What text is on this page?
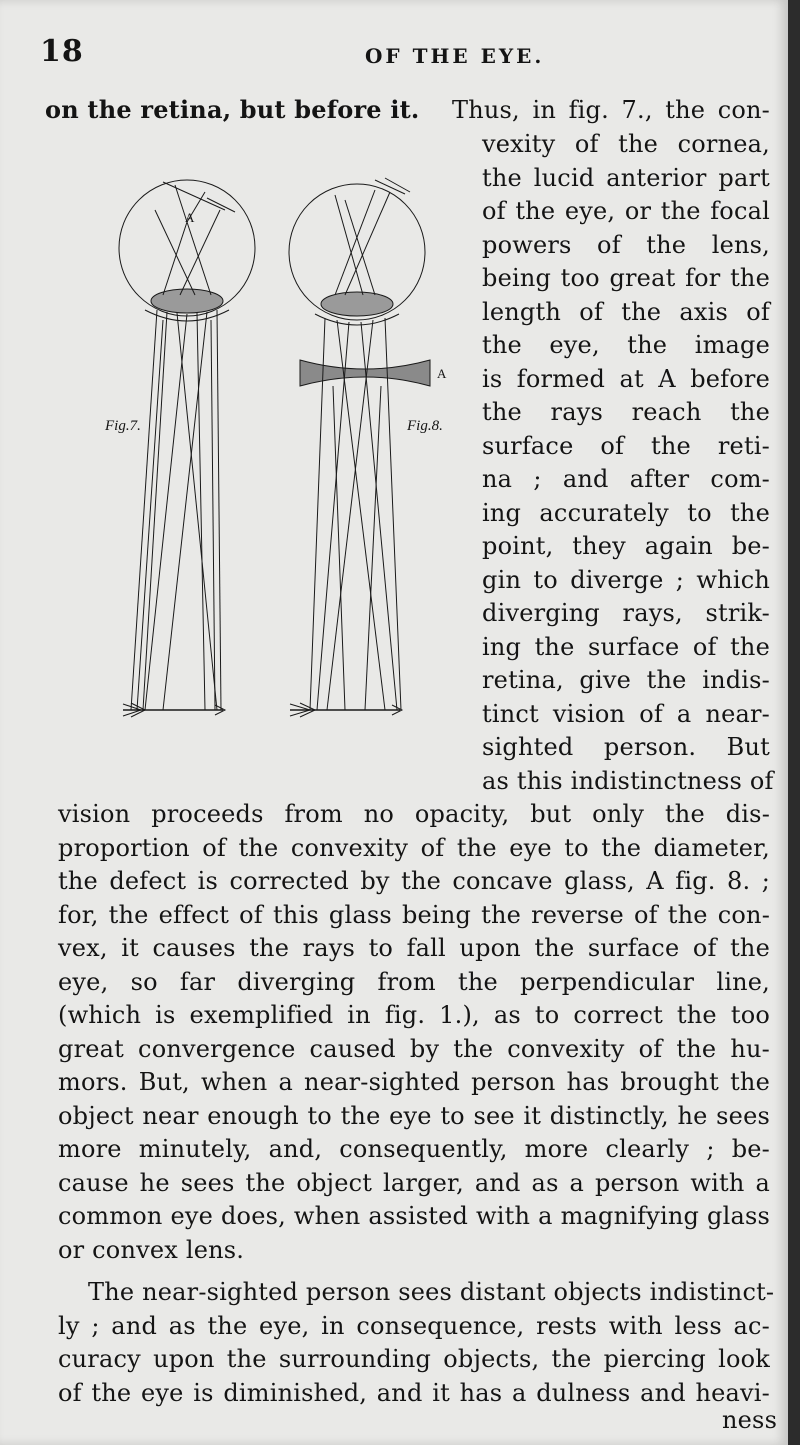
18	OF THE EYE.
A
Fig.7.	Fig.8.
A

on the retina, but before it. Thus, in fig. 7., the con-

vexity of the cornea,

the lucid anterior part

of the eye, or the focal

powers of the lens,

being too great for the

length of the axis of

the eye, the image

is formed at A before

the rays reach the

surface of the reti-

na ; and after com-

ing accurately to the

point, they again be-

gin to diverge ; which

diverging rays, strik-

ing the surface of the

retina, give the indis-

tinct vision of a near-

sighted person. But

as this indistinctness of

vision proceeds from no opacity, but only the dis-

proportion of the convexity of the eye to the diameter,

the defect is corrected by the concave glass, A fig. 8. ;

for, the effect of this glass being the reverse of the con-

vex, it causes the rays to fall upon the surface of the

eye, so far diverging from the perpendicular line,

(which is exemplified in fig. 1.), as to correct the too

great convergence caused by the convexity of the hu-

mors. But, when a near-sighted person has brought the

object near enough to the eye to see it distinctly, he sees

more minutely, and, consequently, more clearly ; be-

cause he sees the object larger, and as a person with a

common eye does, when assisted with a magnifying glass

or convex lens.

The near-sighted person sees distant objects indistinct-

ly ; and as the eye, in consequence, rests with less ac-

curacy upon the surrounding objects, the piercing look

of the eye is diminished, and it has a dulness and heavi-

ness
